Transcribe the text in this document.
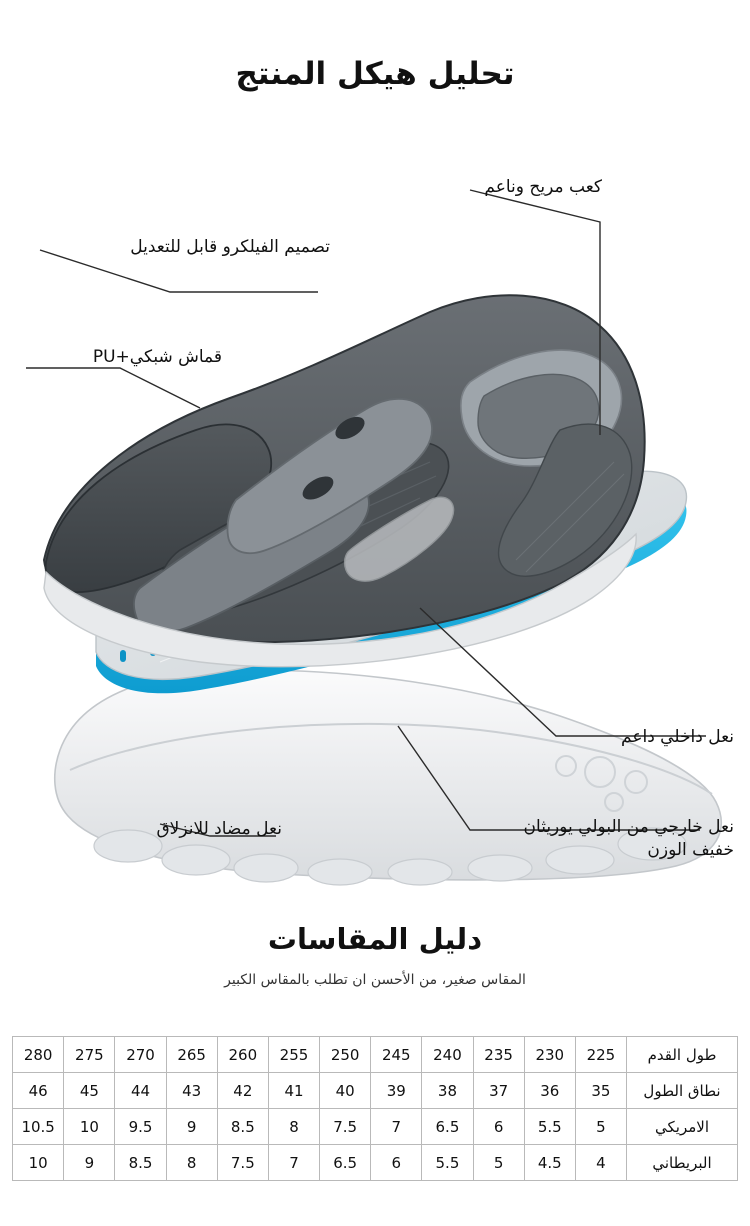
تحليل هيكل المنتج
كعب مريح وناعم
تصميم الفيلكرو قابل للتعديل
قماش شبكي+PU
نعل داخلي داعم
نعل خارجي من البولي يوريثان خفيف الوزن
نعل مضاد للانزلاق
دليل المقاسات
المقاس صغير، من الأحسن ان تطلب بالمقاس الكبير
طول القدم	225	230	235	240	245	250	255	260	265	270	275	280
نطاق الطول	35	36	37	38	39	40	41	42	43	44	45	46
الامريكي	5	5.5	6	6.5	7	7.5	8	8.5	9	9.5	10	10.5
البريطاني	4	4.5	5	5.5	6	6.5	7	7.5	8	8.5	9	10
